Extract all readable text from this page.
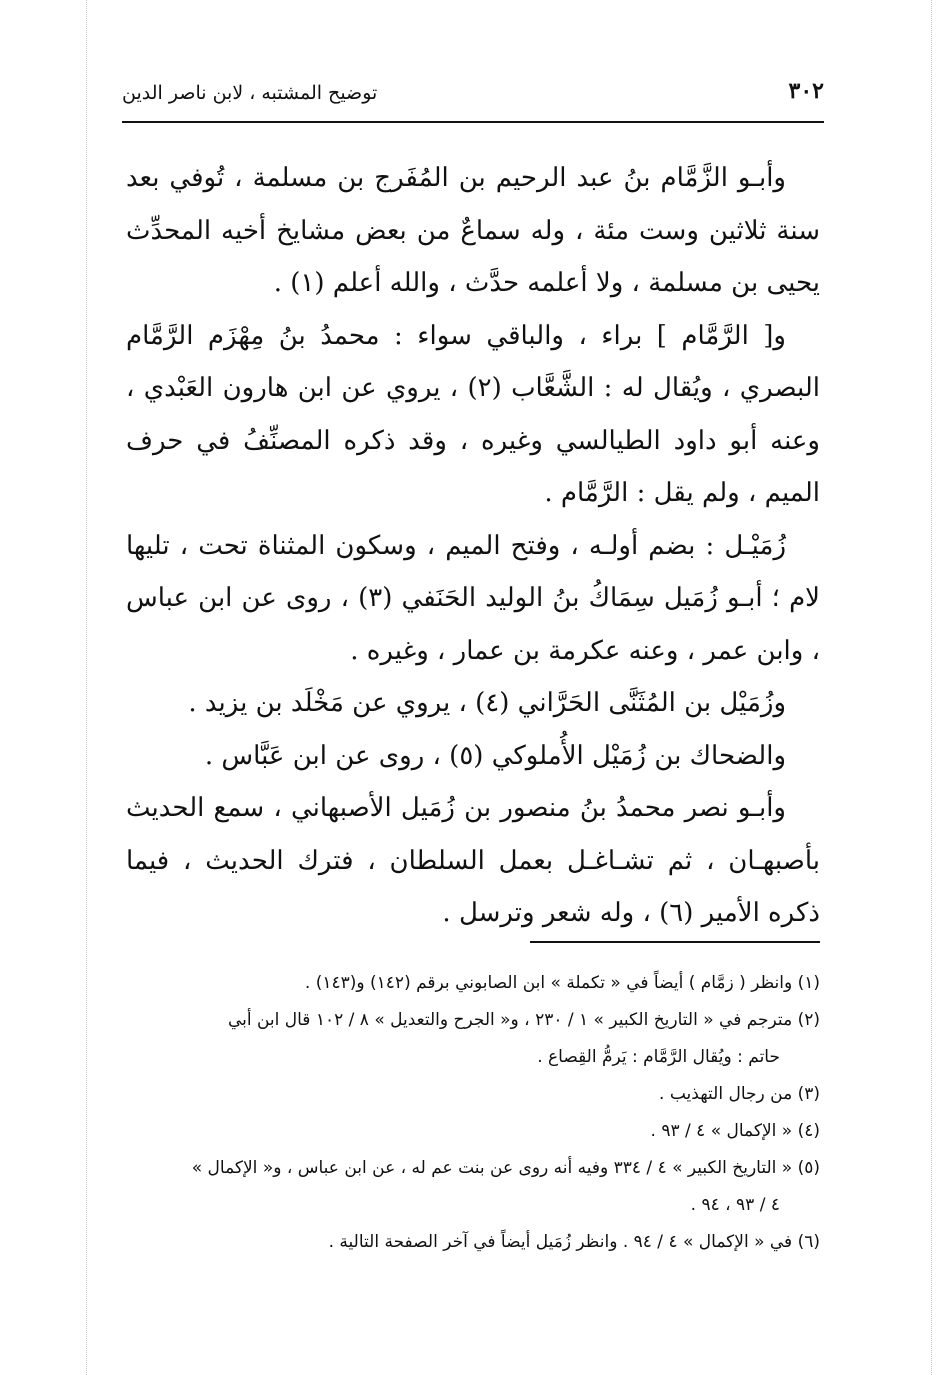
٣٠٢
توضيح المشتبه ، لابن ناصر الدين

وأبـو الزَّمَّام بنُ عبد الرحيم بن المُفَرج بن مسلمة ، تُوفي بعد سنة ثلاثين وست مئة ، وله سماعٌ من بعض مشايخ أخيه المحدِّث يحيى بن مسلمة ، ولا أعلمه حدَّث ، والله أعلم (١) .

و[ الرَّمَّام ] براء ، والباقي سواء : محمدُ بنُ مِهْزَم الرَّمَّام البصري ، ويُقال له : الشَّعَّاب (٢) ، يروي عن ابن هارون العَبْدي ، وعنه أبو داود الطيالسي وغيره ، وقد ذكره المصنِّفُ في حرف الميم ، ولم يقل : الرَّمَّام .

زُمَيْـل : بضم أولـه ، وفتح الميم ، وسكون المثناة تحت ، تليها لام ؛ أبـو زُمَيل سِمَاكُ بنُ الوليد الحَنَفي (٣) ، روى عن ابن عباس ، وابن عمر ، وعنه عكرمة بن عمار ، وغيره .

وزُمَيْل بن المُثَنَّى الحَرَّاني (٤) ، يروي عن مَخْلَد بن يزيد .

والضحاك بن زُمَيْل الأُملوكي (٥) ، روى عن ابن عَبَّاس .

وأبـو نصر محمدُ بنُ منصور بن زُمَيل الأصبهاني ، سمع الحديث بأصبهـان ، ثم تشـاغـل بعمل السلطان ، فترك الحديث ، فيما ذكره الأمير (٦) ، وله شعر وترسل .

(١) وانظر ( زمَّام ) أيضاً في « تكملة » ابن الصابوني برقم (١٤٢) و(١٤٣) .

(٢) مترجم في « التاريخ الكبير » ١ / ٢٣٠ ، و« الجرح والتعديل » ٨ / ١٠٢ قال ابن أبي

حاتم : ويُقال الرَّمَّام : يَرمُّ القِصاع .

(٣) من رجال التهذيب .

(٤) « الإكمال » ٤ / ٩٣ .

(٥) « التاريخ الكبير » ٤ / ٣٣٤ وفيه أنه روى عن بنت عم له ، عن ابن عباس ، و« الإكمال »

٤ / ٩٣ ، ٩٤ .

(٦) في « الإكمال » ٤ / ٩٤ . وانظر زُمَيل أيضاً في آخر الصفحة التالية .
